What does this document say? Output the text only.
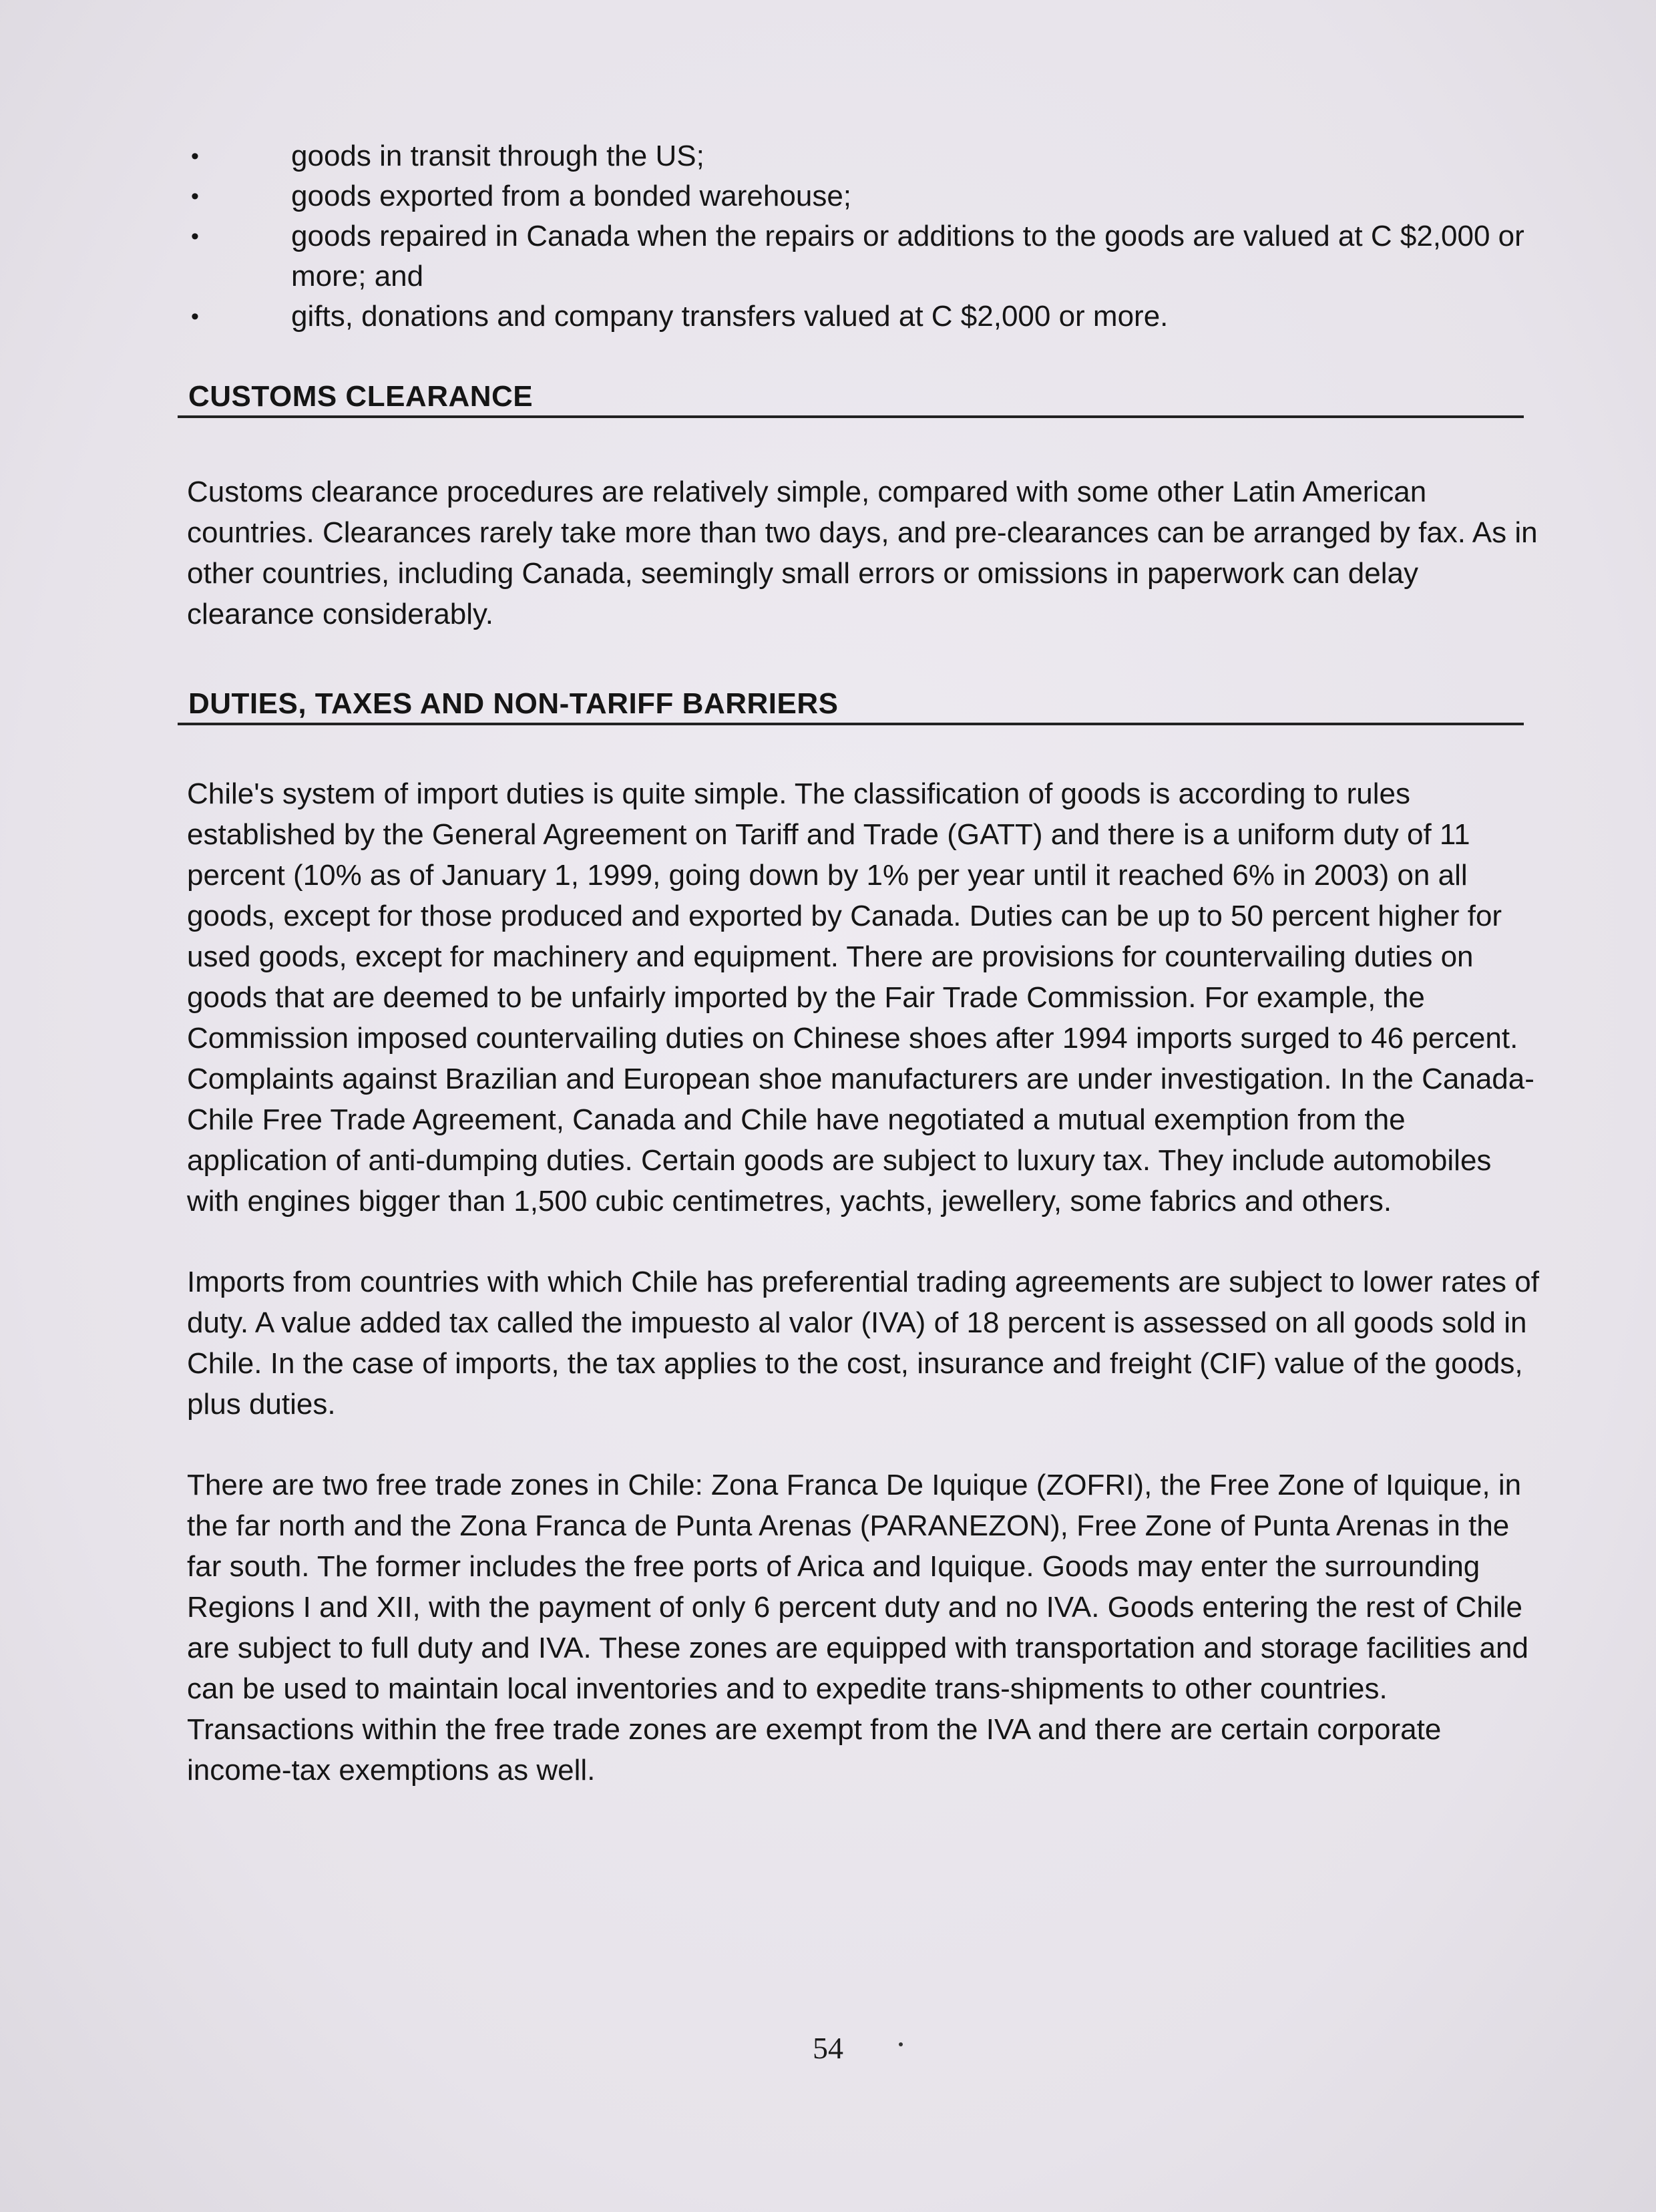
•	goods in transit through the US;
•	goods exported from a bonded warehouse;
•	goods repaired in Canada when the repairs or additions to the goods are valued at C $2,000 or more; and
•	gifts, donations and company transfers valued at C $2,000 or more.
CUSTOMS CLEARANCE

Customs clearance procedures are relatively simple, compared with some other Latin American countries. Clearances rarely take more than two days, and pre-clearances can be arranged by fax. As in other countries, including Canada, seemingly small errors or omissions in paperwork can delay clearance considerably.

DUTIES, TAXES AND NON-TARIFF BARRIERS

Chile's system of import duties is quite simple. The classification of goods is according to rules established by the General Agreement on Tariff and Trade (GATT) and there is a uniform duty of 11 percent (10% as of January 1, 1999, going down by 1% per year until it reached 6% in 2003) on all goods, except for those produced and exported by Canada. Duties can be up to 50 percent higher for used goods, except for machinery and equipment. There are provisions for countervailing duties on goods that are deemed to be unfairly imported by the Fair Trade Commission. For example, the Commission imposed countervailing duties on Chinese shoes after 1994 imports surged to 46 percent. Complaints against Brazilian and European shoe manufacturers are under investigation. In the Canada-Chile Free Trade Agreement, Canada and Chile have negotiated a mutual exemption from the application of anti-dumping duties. Certain goods are subject to luxury tax. They include automobiles with engines bigger than 1,500 cubic centimetres, yachts, jewellery, some fabrics and others.

Imports from countries with which Chile has preferential trading agreements are subject to lower rates of duty. A value added tax called the impuesto al valor (IVA) of 18 percent is assessed on all goods sold in Chile. In the case of imports, the tax applies to the cost, insurance and freight (CIF) value of the goods, plus duties.

There are two free trade zones in Chile: Zona Franca De Iquique (ZOFRI), the Free Zone of Iquique, in the far north and the Zona Franca de Punta Arenas (PARANEZON), Free Zone of Punta Arenas in the far south. The former includes the free ports of Arica and Iquique. Goods may enter the surrounding Regions I and XII, with the payment of only 6 percent duty and no IVA. Goods entering the rest of Chile are subject to full duty and IVA. These zones are equipped with transportation and storage facilities and can be used to maintain local inventories and to expedite trans-shipments to other countries. Transactions within the free trade zones are exempt from the IVA and there are certain corporate income-tax exemptions as well.

54
